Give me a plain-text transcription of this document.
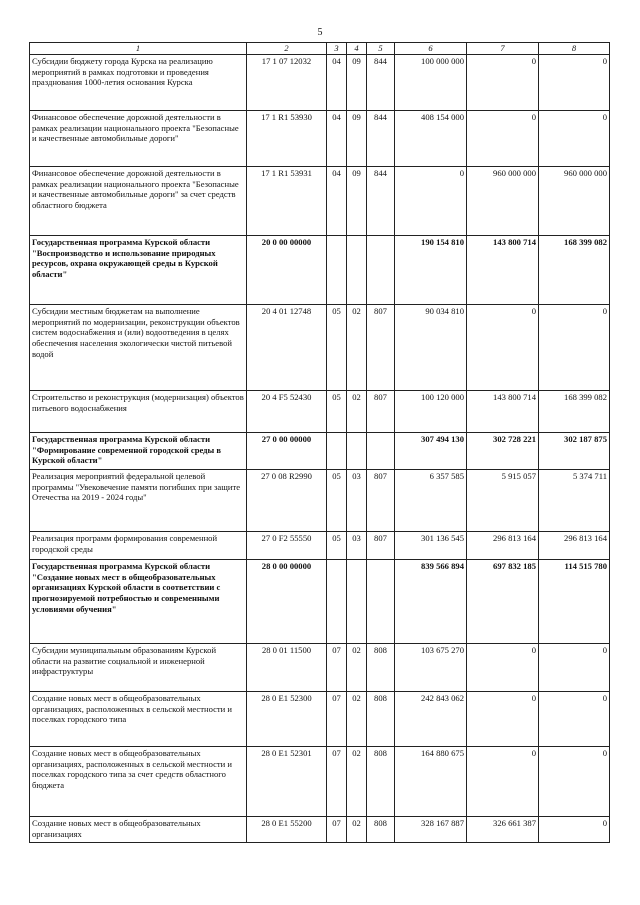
5
1	2	3	4	5	6	7	8
Субсидии бюджету города Курска на реализацию мероприятий в рамках подготовки и проведения празднования 1000-летия основания Курска	17 1 07 12032	04	09	844	100 000 000	0	0
Финансовое обеспечение дорожной деятельности в рамках реализации национального проекта "Безопасные и качественные автомобильные дороги"	17 1 R1 53930	04	09	844	408 154 000	0	0
Финансовое обеспечение дорожной деятельности в рамках реализации национального проекта "Безопасные и качественные автомобильные дороги" за счет средств областного бюджета	17 1 R1 53931	04	09	844	0	960 000 000	960 000 000
Государственная программа Курской области "Воспроизводство и использование природных ресурсов, охрана окружающей среды в Курской области"	20 0 00 00000				190 154 810	143 800 714	168 399 082
Субсидии местным бюджетам на выполнение мероприятий по модернизации, реконструкции объектов систем водоснабжения и (или) водоотведения в целях обеспечения населения экологически чистой питьевой водой	20 4 01 12748	05	02	807	90 034 810	0	0
Строительство и реконструкция (модернизация) объектов питьевого водоснабжения	20 4 F5 52430	05	02	807	100 120 000	143 800 714	168 399 082
Государственная программа Курской области "Формирование современной городской среды в Курской области"	27 0 00 00000				307 494 130	302 728 221	302 187 875
Реализация мероприятий федеральной целевой программы "Увековечение памяти погибших при защите Отечества на 2019 - 2024 годы"	27 0 08 R2990	05	03	807	6 357 585	5 915 057	5 374 711
Реализация программ формирования современной городской среды	27 0 F2 55550	05	03	807	301 136 545	296 813 164	296 813 164
Государственная программа Курской области "Создание новых мест в общеобразовательных организациях Курской области в соответствии с прогнозируемой потребностью и современными условиями обучения"	28 0 00 00000				839 566 894	697 832 185	114 515 780
Субсидии муниципальным образованиям Курской области на развитие социальной и инженерной инфраструктуры	28 0 01 11500	07	02	808	103 675 270	0	0
Создание новых мест в общеобразовательных организациях, расположенных в сельской местности и поселках городского типа	28 0 E1 52300	07	02	808	242 843 062	0	0
Создание новых мест в общеобразовательных организациях, расположенных в сельской местности и поселках городского типа за счет средств областного бюджета	28 0 E1 52301	07	02	808	164 880 675	0	0
Создание новых мест в общеобразовательных организациях	28 0 E1 55200	07	02	808	328 167 887	326 661 387	0
